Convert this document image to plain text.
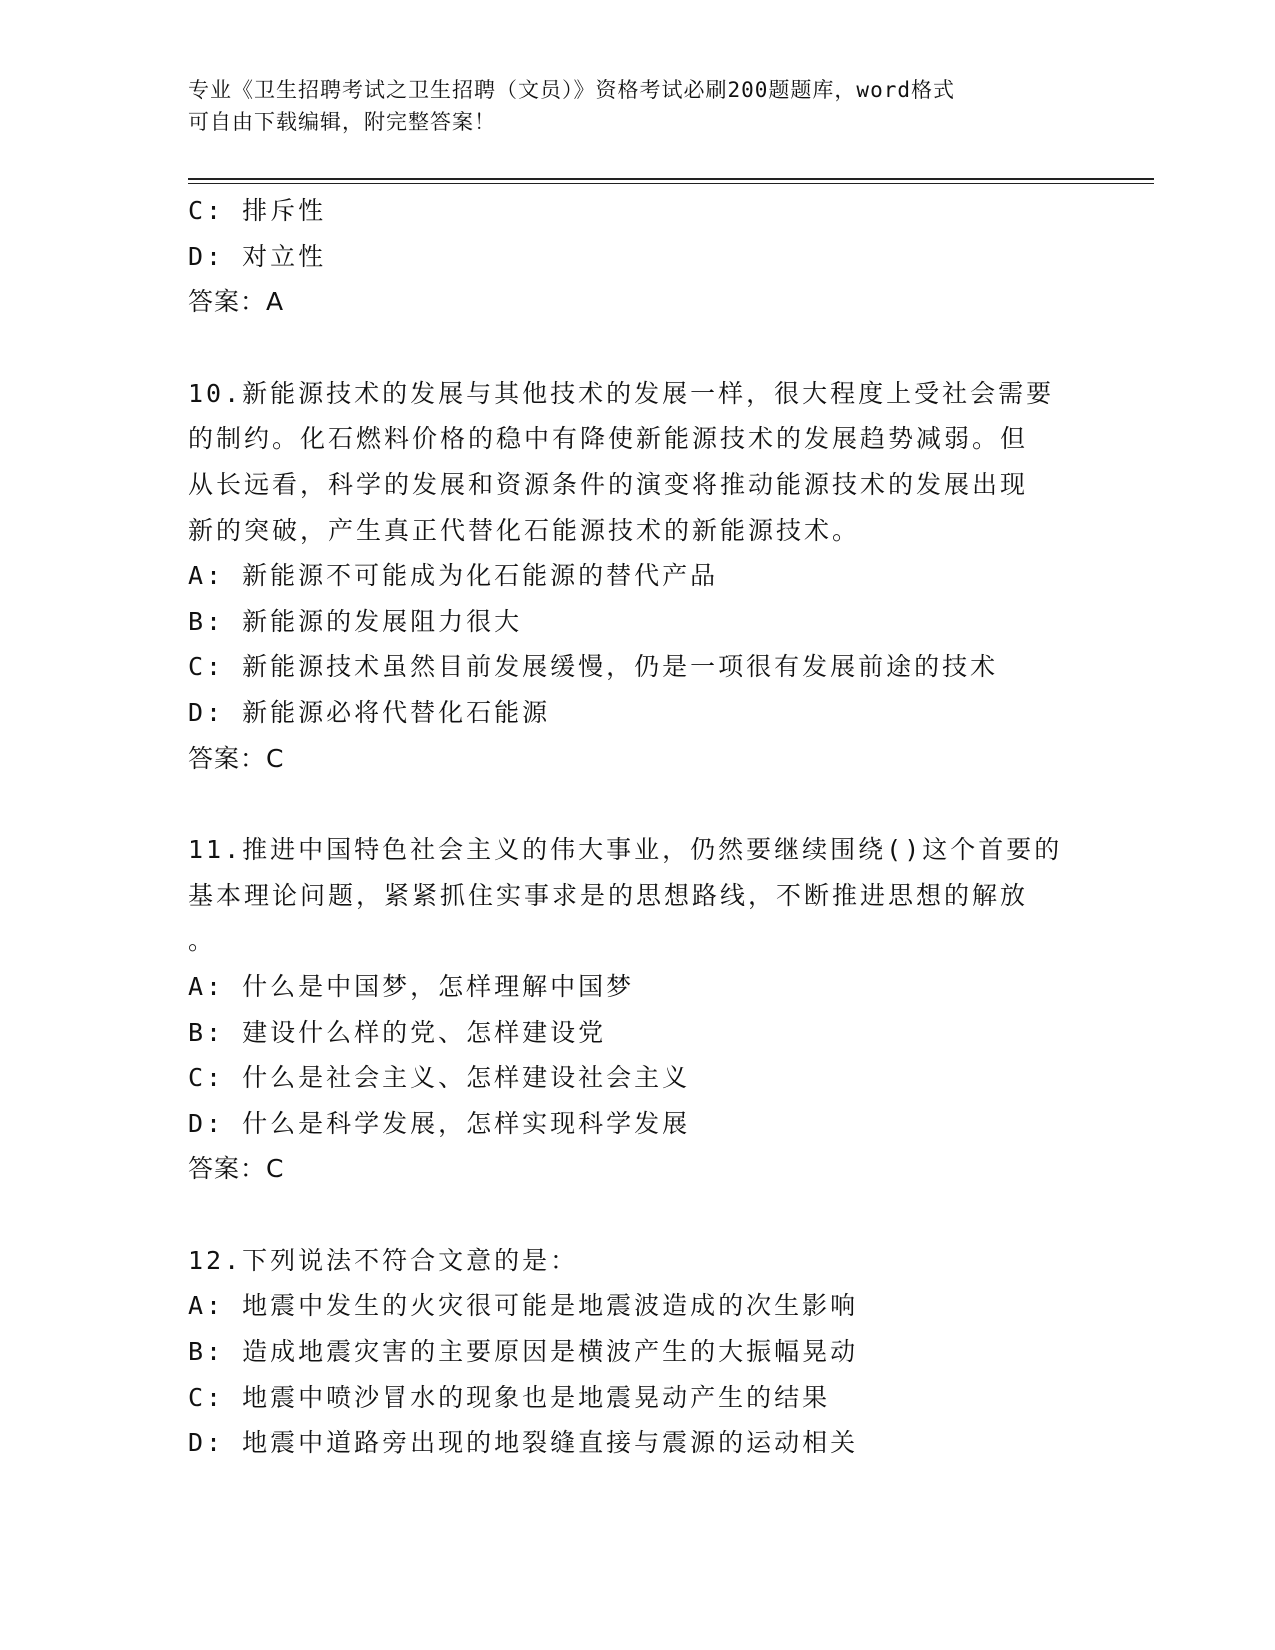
专业《卫生招聘考试之卫生招聘（文员）》资格考试必刷200题题库，word格式
可自由下载编辑，附完整答案！
C: 排斥性
D: 对立性
答案：A
10.新能源技术的发展与其他技术的发展一样，很大程度上受社会需要
的制约。化石燃料价格的稳中有降使新能源技术的发展趋势减弱。但
从长远看，科学的发展和资源条件的演变将推动能源技术的发展出现
新的突破，产生真正代替化石能源技术的新能源技术。
A: 新能源不可能成为化石能源的替代产品
B: 新能源的发展阻力很大
C: 新能源技术虽然目前发展缓慢，仍是一项很有发展前途的技术
D: 新能源必将代替化石能源
答案：C
11.推进中国特色社会主义的伟大事业，仍然要继续围绕()这个首要的
基本理论问题，紧紧抓住实事求是的思想路线，不断推进思想的解放
。
A: 什么是中国梦，怎样理解中国梦
B: 建设什么样的党、怎样建设党
C: 什么是社会主义、怎样建设社会主义
D: 什么是科学发展，怎样实现科学发展
答案：C
12.下列说法不符合文意的是：
A: 地震中发生的火灾很可能是地震波造成的次生影响
B: 造成地震灾害的主要原因是横波产生的大振幅晃动
C: 地震中喷沙冒水的现象也是地震晃动产生的结果
D: 地震中道路旁出现的地裂缝直接与震源的运动相关
